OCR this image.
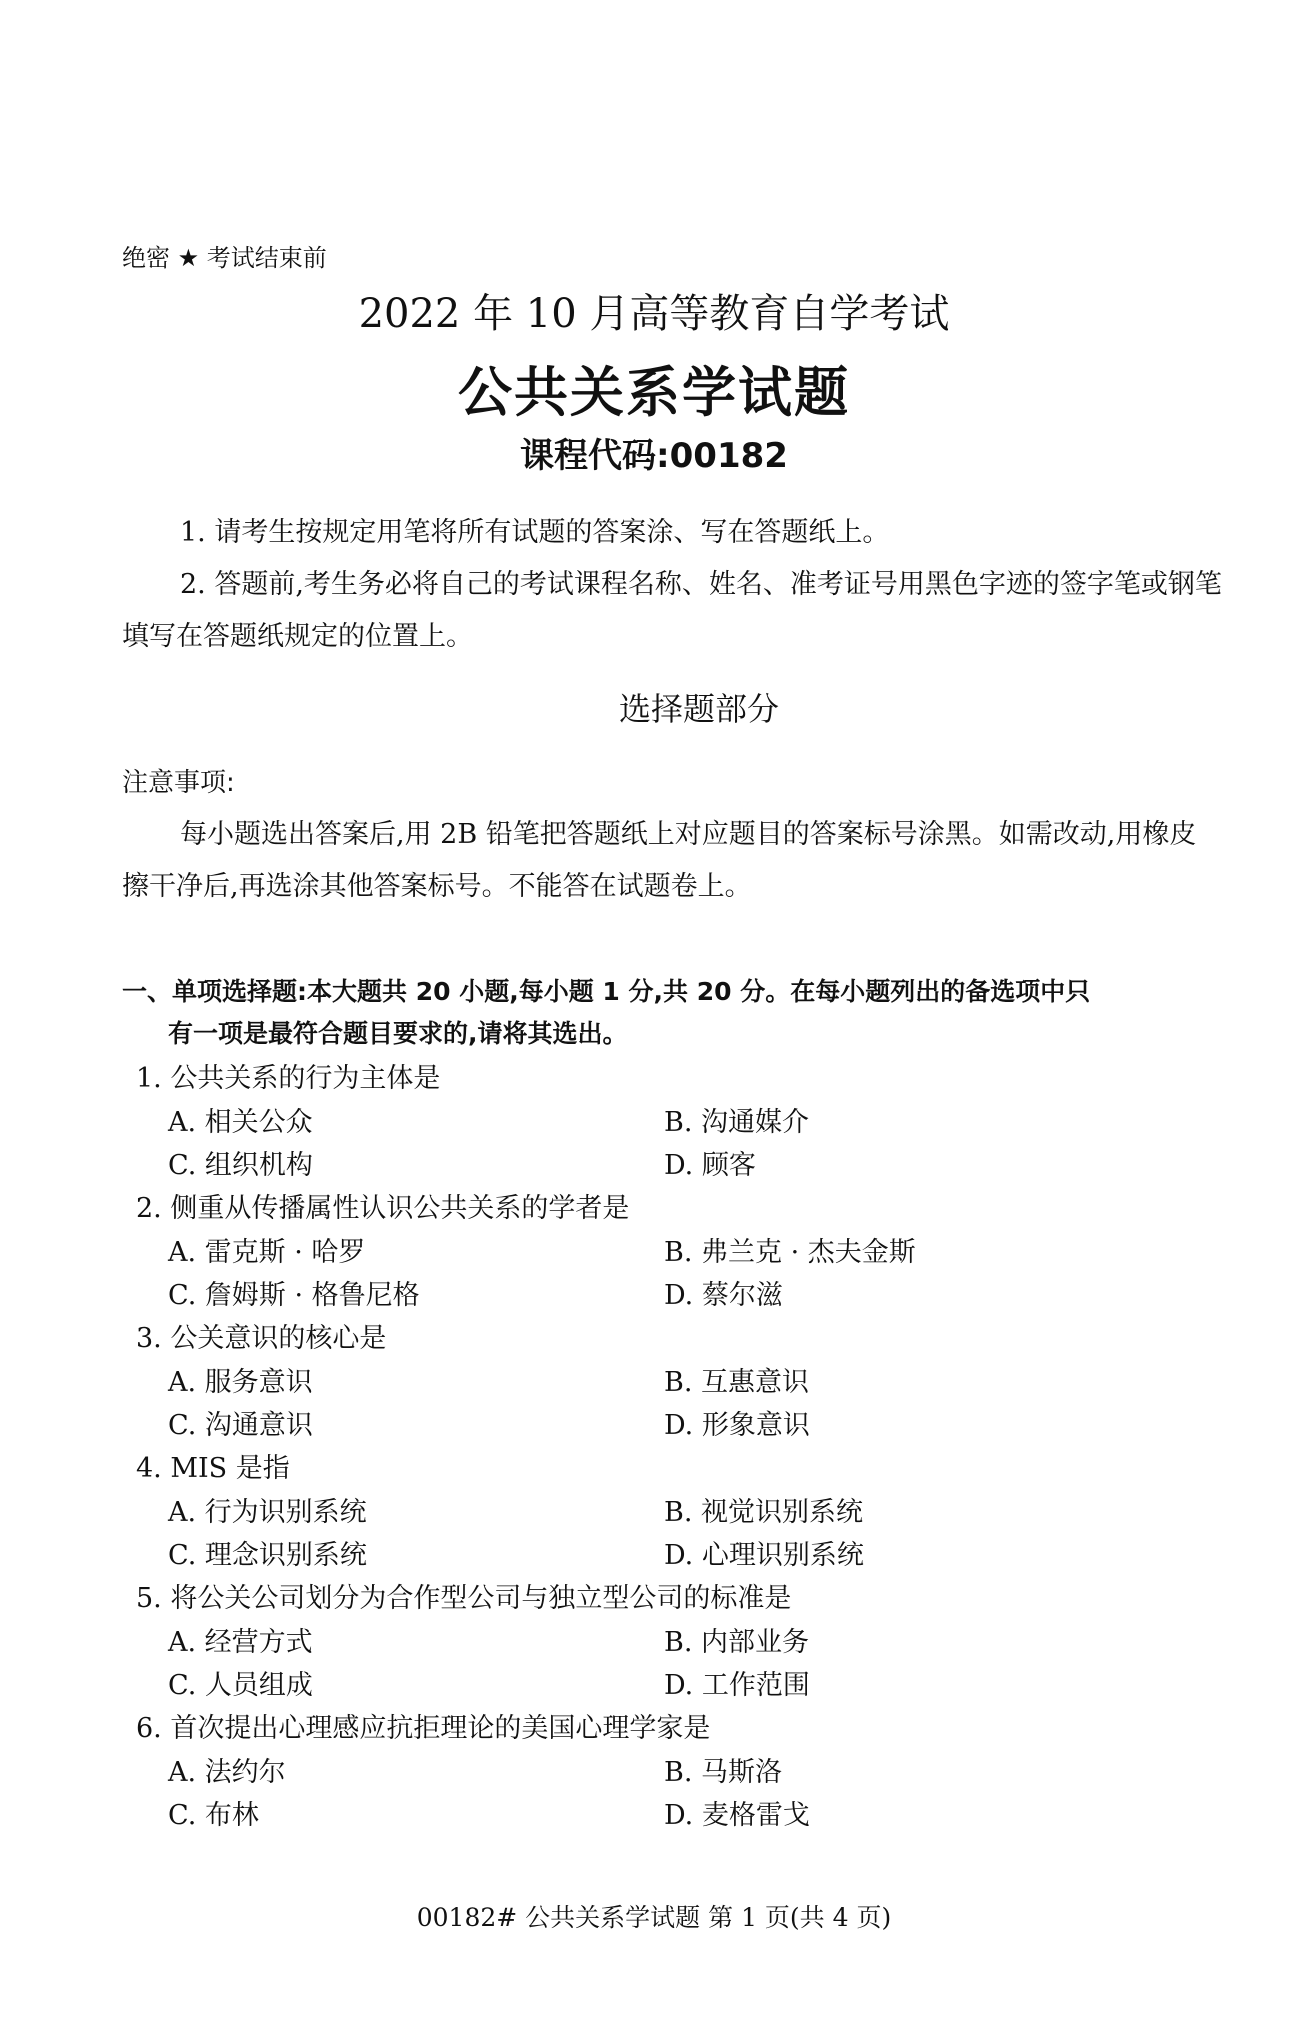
绝密 ★ 考试结束前
2022 年 10 月高等教育自学考试
公共关系学试题
课程代码:00182
1. 请考生按规定用笔将所有试题的答案涂、写在答题纸上。
2. 答题前,考生务必将自己的考试课程名称、姓名、准考证号用黑色字迹的签字笔或钢笔
填写在答题纸规定的位置上。
选择题部分
注意事项:
每小题选出答案后,用 2B 铅笔把答题纸上对应题目的答案标号涂黑。如需改动,用橡皮
擦干净后,再选涂其他答案标号。不能答在试题卷上。
一、单项选择题:本大题共 20 小题,每小题 1 分,共 20 分。在每小题列出的备选项中只
有一项是最符合题目要求的,请将其选出。
1. 公共关系的行为主体是
A. 相关公众	B. 沟通媒介
C. 组织机构	D. 顾客
2. 侧重从传播属性认识公共关系的学者是
A. 雷克斯 · 哈罗	B. 弗兰克 · 杰夫金斯
C. 詹姆斯 · 格鲁尼格	D. 蔡尔滋
3. 公关意识的核心是
A. 服务意识	B. 互惠意识
C. 沟通意识	D. 形象意识
4. MIS 是指
A. 行为识别系统	B. 视觉识别系统
C. 理念识别系统	D. 心理识别系统
5. 将公关公司划分为合作型公司与独立型公司的标准是
A. 经营方式	B. 内部业务
C. 人员组成	D. 工作范围
6. 首次提出心理感应抗拒理论的美国心理学家是
A. 法约尔	B. 马斯洛
C. 布林	D. 麦格雷戈
00182# 公共关系学试题 第 1 页(共 4 页)
